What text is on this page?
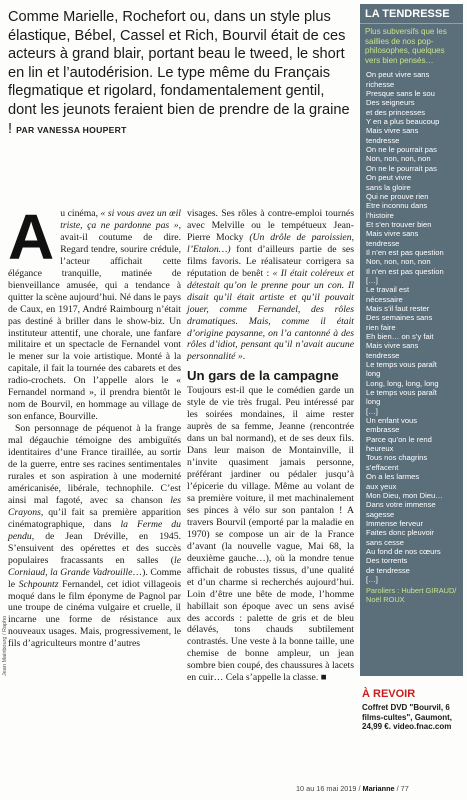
Comme Marielle, Rochefort ou, dans un style plus élastique, Bébel, Cassel et Rich, Bourvil était de ces acteurs à grand blair, portant beau le tweed, le short en lin et l’autodérision. Le type même du Français flegmatique et rigolard, fondamentalement gentil, dont les jeunots feraient bien de prendre de la graine ! PAR VANESSA HOUPERT

Au cinéma, « si vous avez un œil triste, ça ne pardonne pas », avait-il coutume de dire. Regard tendre, sourire crédule, l’acteur affichait cette élégance tranquille, matinée de bienveillance amusée, qui a tendance à quitter la scène aujourd’hui. Né dans le pays de Caux, en 1917, André Raimbourg n’était pas destiné à briller dans le show-biz. Un instituteur attentif, une chorale, une fanfare militaire et un spectacle de Fernandel vont le mener sur la voie artistique. Monté à la capitale, il fait la tournée des cabarets et des radio-crochets. On l’appelle alors le « Fernandel normand », il prendra bientôt le nom de Bourvil, en hommage au village de son enfance, Bourville.

Son personnage de péquenot à la frange mal dégauchie témoigne des ambiguïtés identitaires d’une France tiraillée, au sortir de la guerre, entre ses racines sentimentales rurales et son aspiration à une modernité américanisée, libérale, technophile. C’est ainsi mal fagoté, avec sa chanson les Crayons, qu’il fait sa première apparition cinématographique, dans la Ferme du pendu, de Jean Dréville, en 1945. S’ensuivent des opérettes et des succès populaires fracassants en salles (le Corniaud, la Grande Vadrouille…). Comme le Schpountz Fernandel, cet idiot villageois moqué dans le film éponyme de Pagnol par une troupe de cinéma vulgaire et cruelle, il incarne une forme de résistance aux nouveaux usages. Mais, progressivement, le fils d’agriculteurs montre d’autres

visages. Ses rôles à contre-emploi tournés avec Melville ou le tempétueux Jean-Pierre Mocky (Un drôle de paroissien, l’Etalon…) font d’ailleurs partie de ses films favoris. Le réalisateur corrigera sa réputation de benêt : « Il était coléreux et détestait qu’on le prenne pour un con. Il disait qu’il était artiste et qu’il pouvait jouer, comme Fernandel, des rôles dramatiques. Mais, comme il était d’origine paysanne, on l’a cantonné à des rôles d’idiot, pensant qu’il n’avait aucune personnalité ».

Un gars de la campagne

Toujours est-il que le comédien garde un style de vie très frugal. Peu intéressé par les soirées mondaines, il aime rester auprès de sa femme, Jeanne (rencontrée dans un bal normand), et de ses deux fils. Dans leur maison de Montainville, il n’invite quasiment jamais personne, préférant jardiner ou pédaler jusqu’à l’épicerie du village. Même au volant de sa première voiture, il met machinalement ses pinces à vélo sur son pantalon ! A travers Bourvil (emporté par la maladie en 1970) se compose un air de la France d’avant (la nouvelle vague, Mai 68, la deuxième gauche…), où la mondre tenue affichait de robustes tissus, d’une qualité et d’un charme si recherchés aujourd’hui. Loin d’être une bête de mode, l’homme habillait son époque avec un sens avisé des accords : palette de gris et de bleu délavés, tons chauds subtilement contrastés. Une veste à la bonne taille, une chemise de bonne ampleur, un jean sombre bien coupé, des chaussures à lacets en cuir… Cela s’appelle la classe. ■

Jean Mainbourg / Rapho
LA TENDRESSE
Plus subversifs que les saillies de nos pop-philosophes, quelques vers bien pensés…
On peut vivre sans
richesse
Presque sans le sou
Des seigneurs
et des princesses
Y en a plus beaucoup
Mais vivre sans
tendresse
On ne le pourrait pas
Non, non, non, non
On ne le pourrait pas
On peut vivre
sans la gloire
Qui ne prouve rien
Etre inconnu dans
l’histoire
Et s’en trouver bien
Mais vivre sans
tendresse
Il n’en est pas question
Non, non, non, non
Il n’en est pas question
[…]
Le travail est
nécessaire
Mais s’il faut rester
Des semaines sans
rien faire
Eh bien… on s’y fait
Mais vivre sans
tendresse
Le temps vous paraît
long
Long, long, long, long
Le temps vous paraît
long
[…]
Un enfant vous
embrasse
Parce qu’on le rend
heureux
Tous nos chagrins
s’effacent
On a les larmes
aux yeux
Mon Dieu, mon Dieu…
Dans votre immense
sagesse
Immense ferveur
Faites donc pleuvoir
sans cesse
Au fond de nos cœurs
Des torrents
de tendresse
[…]
Paroliers : Hubert GIRAUD/ Noël ROUX
À REVOIR
Coffret DVD "Bourvil, 6 films-cultes", Gaumont, 24,99 €. video.fnac.com
10 au 16 mai 2019 / Marianne / 77
